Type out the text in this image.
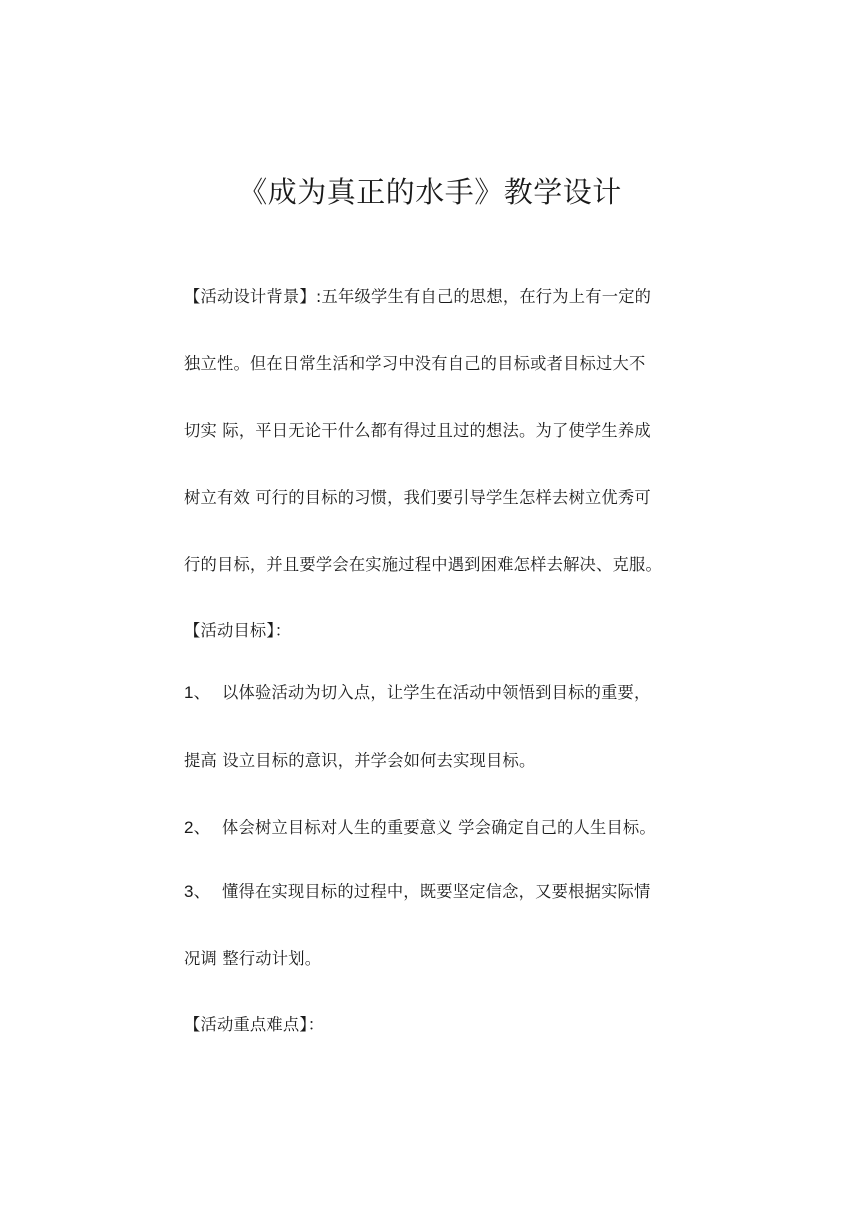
《成为真正的水手》教学设计
【活动设计背景】:五年级学生有自己的思想，在行为上有一定的
独立性。但在日常生活和学习中没有自己的目标或者目标过大不
切实 际，平日无论干什么都有得过且过的想法。为了使学生养成
树立有效 可行的目标的习惯，我们要引导学生怎样去树立优秀可
行的目标，并且要学会在实施过程中遇到困难怎样去解决、克服。
【活动目标】：
1、 以体验活动为切入点，让学生在活动中领悟到目标的重要，
提高 设立目标的意识，并学会如何去实现目标。
2、 体会树立目标对人生的重要意义 学会确定自己的人生目标。
3、 懂得在实现目标的过程中，既要坚定信念，又要根据实际情
况调 整行动计划。
【活动重点难点】：
